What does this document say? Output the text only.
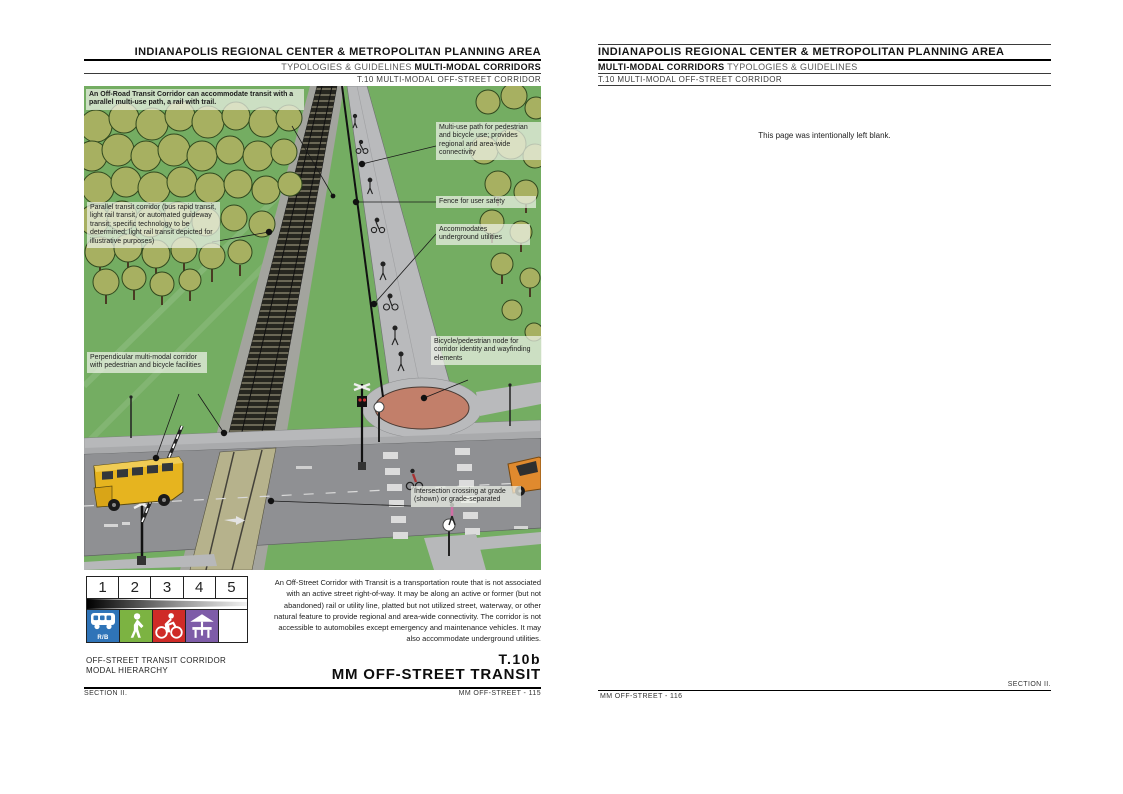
INDIANAPOLIS REGIONAL CENTER & METROPOLITAN PLANNING AREA
TYPOLOGIES & GUIDELINES MULTI-MODAL CORRIDORS
T.10 MULTI-MODAL OFF-STREET CORRIDOR
An Off-Road Transit Corridor can accommodate transit with a parallel multi-use path, a rail with trail.
Parallel transit corridor (bus rapid transit, light rail transit, or automated guideway transit; specific technology to be determined; light rail transit depicted for illustrative purposes)
Perpendicular multi-modal corridor with pedestrian and bicycle facilities
Multi-use path for pedestrian and bicycle use; provides regional and area-wide connectivity
Fence for user safety
Accommodates underground utilities
Bicycle/pedestrian node for corridor identity and wayfinding elements
Intersection crossing at grade (shown) or grade-separated
1	2	3	4	5
R/B
OFF-STREET TRANSIT CORRIDOR
MODAL HIERARCHY
An Off-Street Corridor with Transit is a transportation route that is not associated with an active street right-of-way. It may be along an active or former (but not abandoned) rail or utility line, platted but not utilized street, waterway, or other natural feature to provide regional and area-wide connectivity. The corridor is not accessible to automobiles except emergency and maintenance vehicles. It may also accommodate underground utilities.
T.10b
MM OFF-STREET TRANSIT
SECTION II.	MM OFF-STREET - 115
INDIANAPOLIS REGIONAL CENTER & METROPOLITAN PLANNING AREA
MULTI-MODAL CORRIDORS TYPOLOGIES & GUIDELINES
T.10 MULTI-MODAL OFF-STREET CORRIDOR
This page was intentionally left blank.
SECTION II.
MM OFF-STREET - 116
